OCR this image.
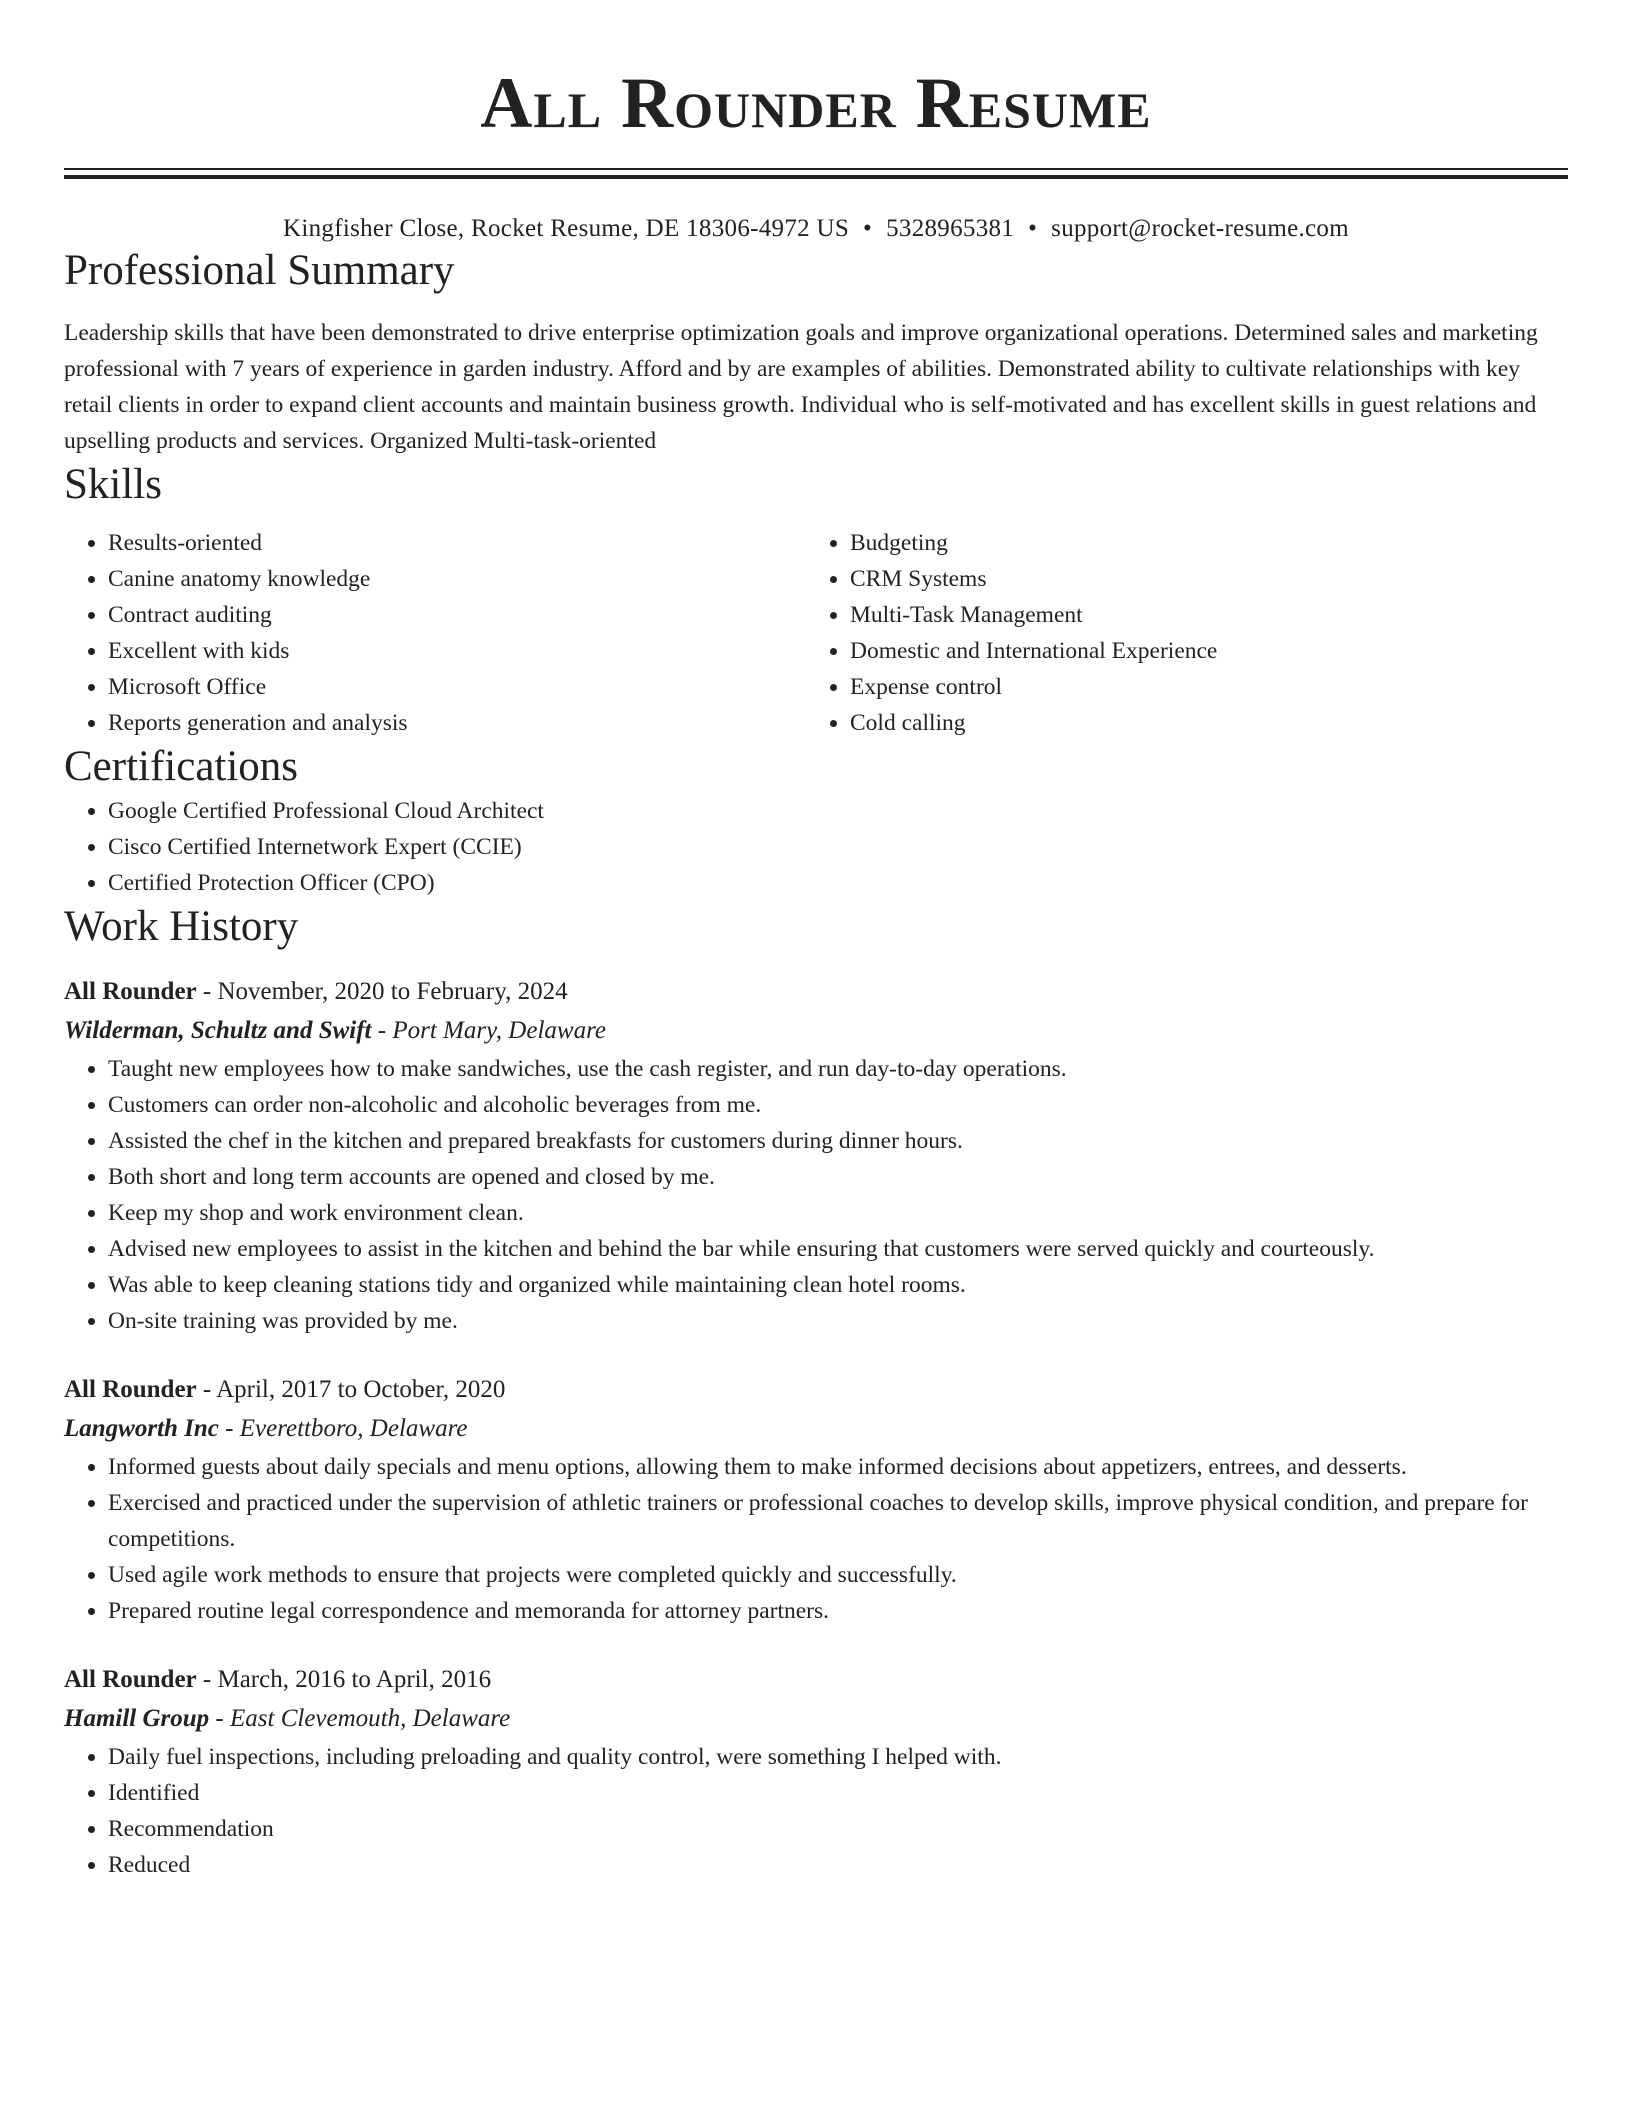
All Rounder Resume
Kingfisher Close, Rocket Resume, DE 18306-4972 US • 5328965381 • support@rocket-resume.com
Professional Summary

Leadership skills that have been demonstrated to drive enterprise optimization goals and improve organizational operations. Determined sales and marketing professional with 7 years of experience in garden industry. Afford and by are examples of abilities. Demonstrated ability to cultivate relationships with key retail clients in order to expand client accounts and maintain business growth. Individual who is self-motivated and has excellent skills in guest relations and upselling products and services. Organized Multi-task-oriented

Skills
• Results-oriented
• Canine anatomy knowledge
• Contract auditing
• Excellent with kids
• Microsoft Office
• Reports generation and analysis
• Budgeting
• CRM Systems
• Multi-Task Management
• Domestic and International Experience
• Expense control
• Cold calling
Certifications
• Google Certified Professional Cloud Architect
• Cisco Certified Internetwork Expert (CCIE)
• Certified Protection Officer (CPO)
Work History
All Rounder - November, 2020 to February, 2024
Wilderman, Schultz and Swift - Port Mary, Delaware
• Taught new employees how to make sandwiches, use the cash register, and run day-to-day operations.
• Customers can order non-alcoholic and alcoholic beverages from me.
• Assisted the chef in the kitchen and prepared breakfasts for customers during dinner hours.
• Both short and long term accounts are opened and closed by me.
• Keep my shop and work environment clean.
• Advised new employees to assist in the kitchen and behind the bar while ensuring that customers were served quickly and courteously.
• Was able to keep cleaning stations tidy and organized while maintaining clean hotel rooms.
• On-site training was provided by me.
All Rounder - April, 2017 to October, 2020
Langworth Inc - Everettboro, Delaware
• Informed guests about daily specials and menu options, allowing them to make informed decisions about appetizers, entrees, and desserts.
• Exercised and practiced under the supervision of athletic trainers or professional coaches to develop skills, improve physical condition, and prepare for competitions.
• Used agile work methods to ensure that projects were completed quickly and successfully.
• Prepared routine legal correspondence and memoranda for attorney partners.
All Rounder - March, 2016 to April, 2016
Hamill Group - East Clevemouth, Delaware
• Daily fuel inspections, including preloading and quality control, were something I helped with.
• Identified
• Recommendation
• Reduced
